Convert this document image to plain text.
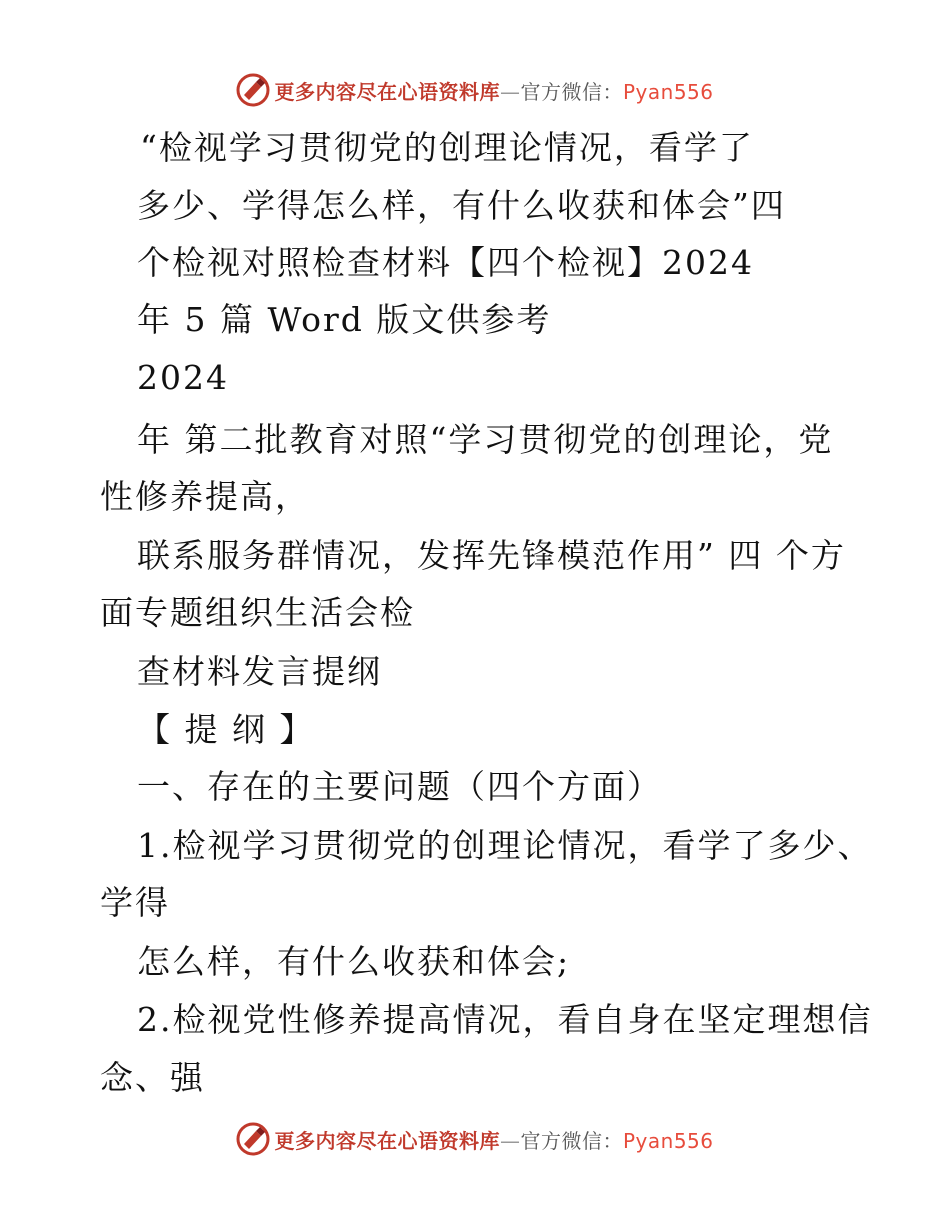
更多内容尽在心语资料库—官方微信：Pyan556
“检视学习贯彻党的创理论情况，看学了
多少、学得怎么样，有什么收获和体会”四
个检视对照检查材料【四个检视】2024
年 5 篇 Word 版文供参考
2024
年 第二批教育对照“学习贯彻党的创理论，党
性修养提高，
联系服务群情况，发挥先锋模范作用” 四 个方
面专题组织生活会检
查材料发言提纲
【 提 纲 】
一、存在的主要问题（四个方面）
1.检视学习贯彻党的创理论情况，看学了多少、
学得
怎么样，有什么收获和体会;
2.检视党性修养提高情况，看自身在坚定理想信
念、强
更多内容尽在心语资料库—官方微信：Pyan556
